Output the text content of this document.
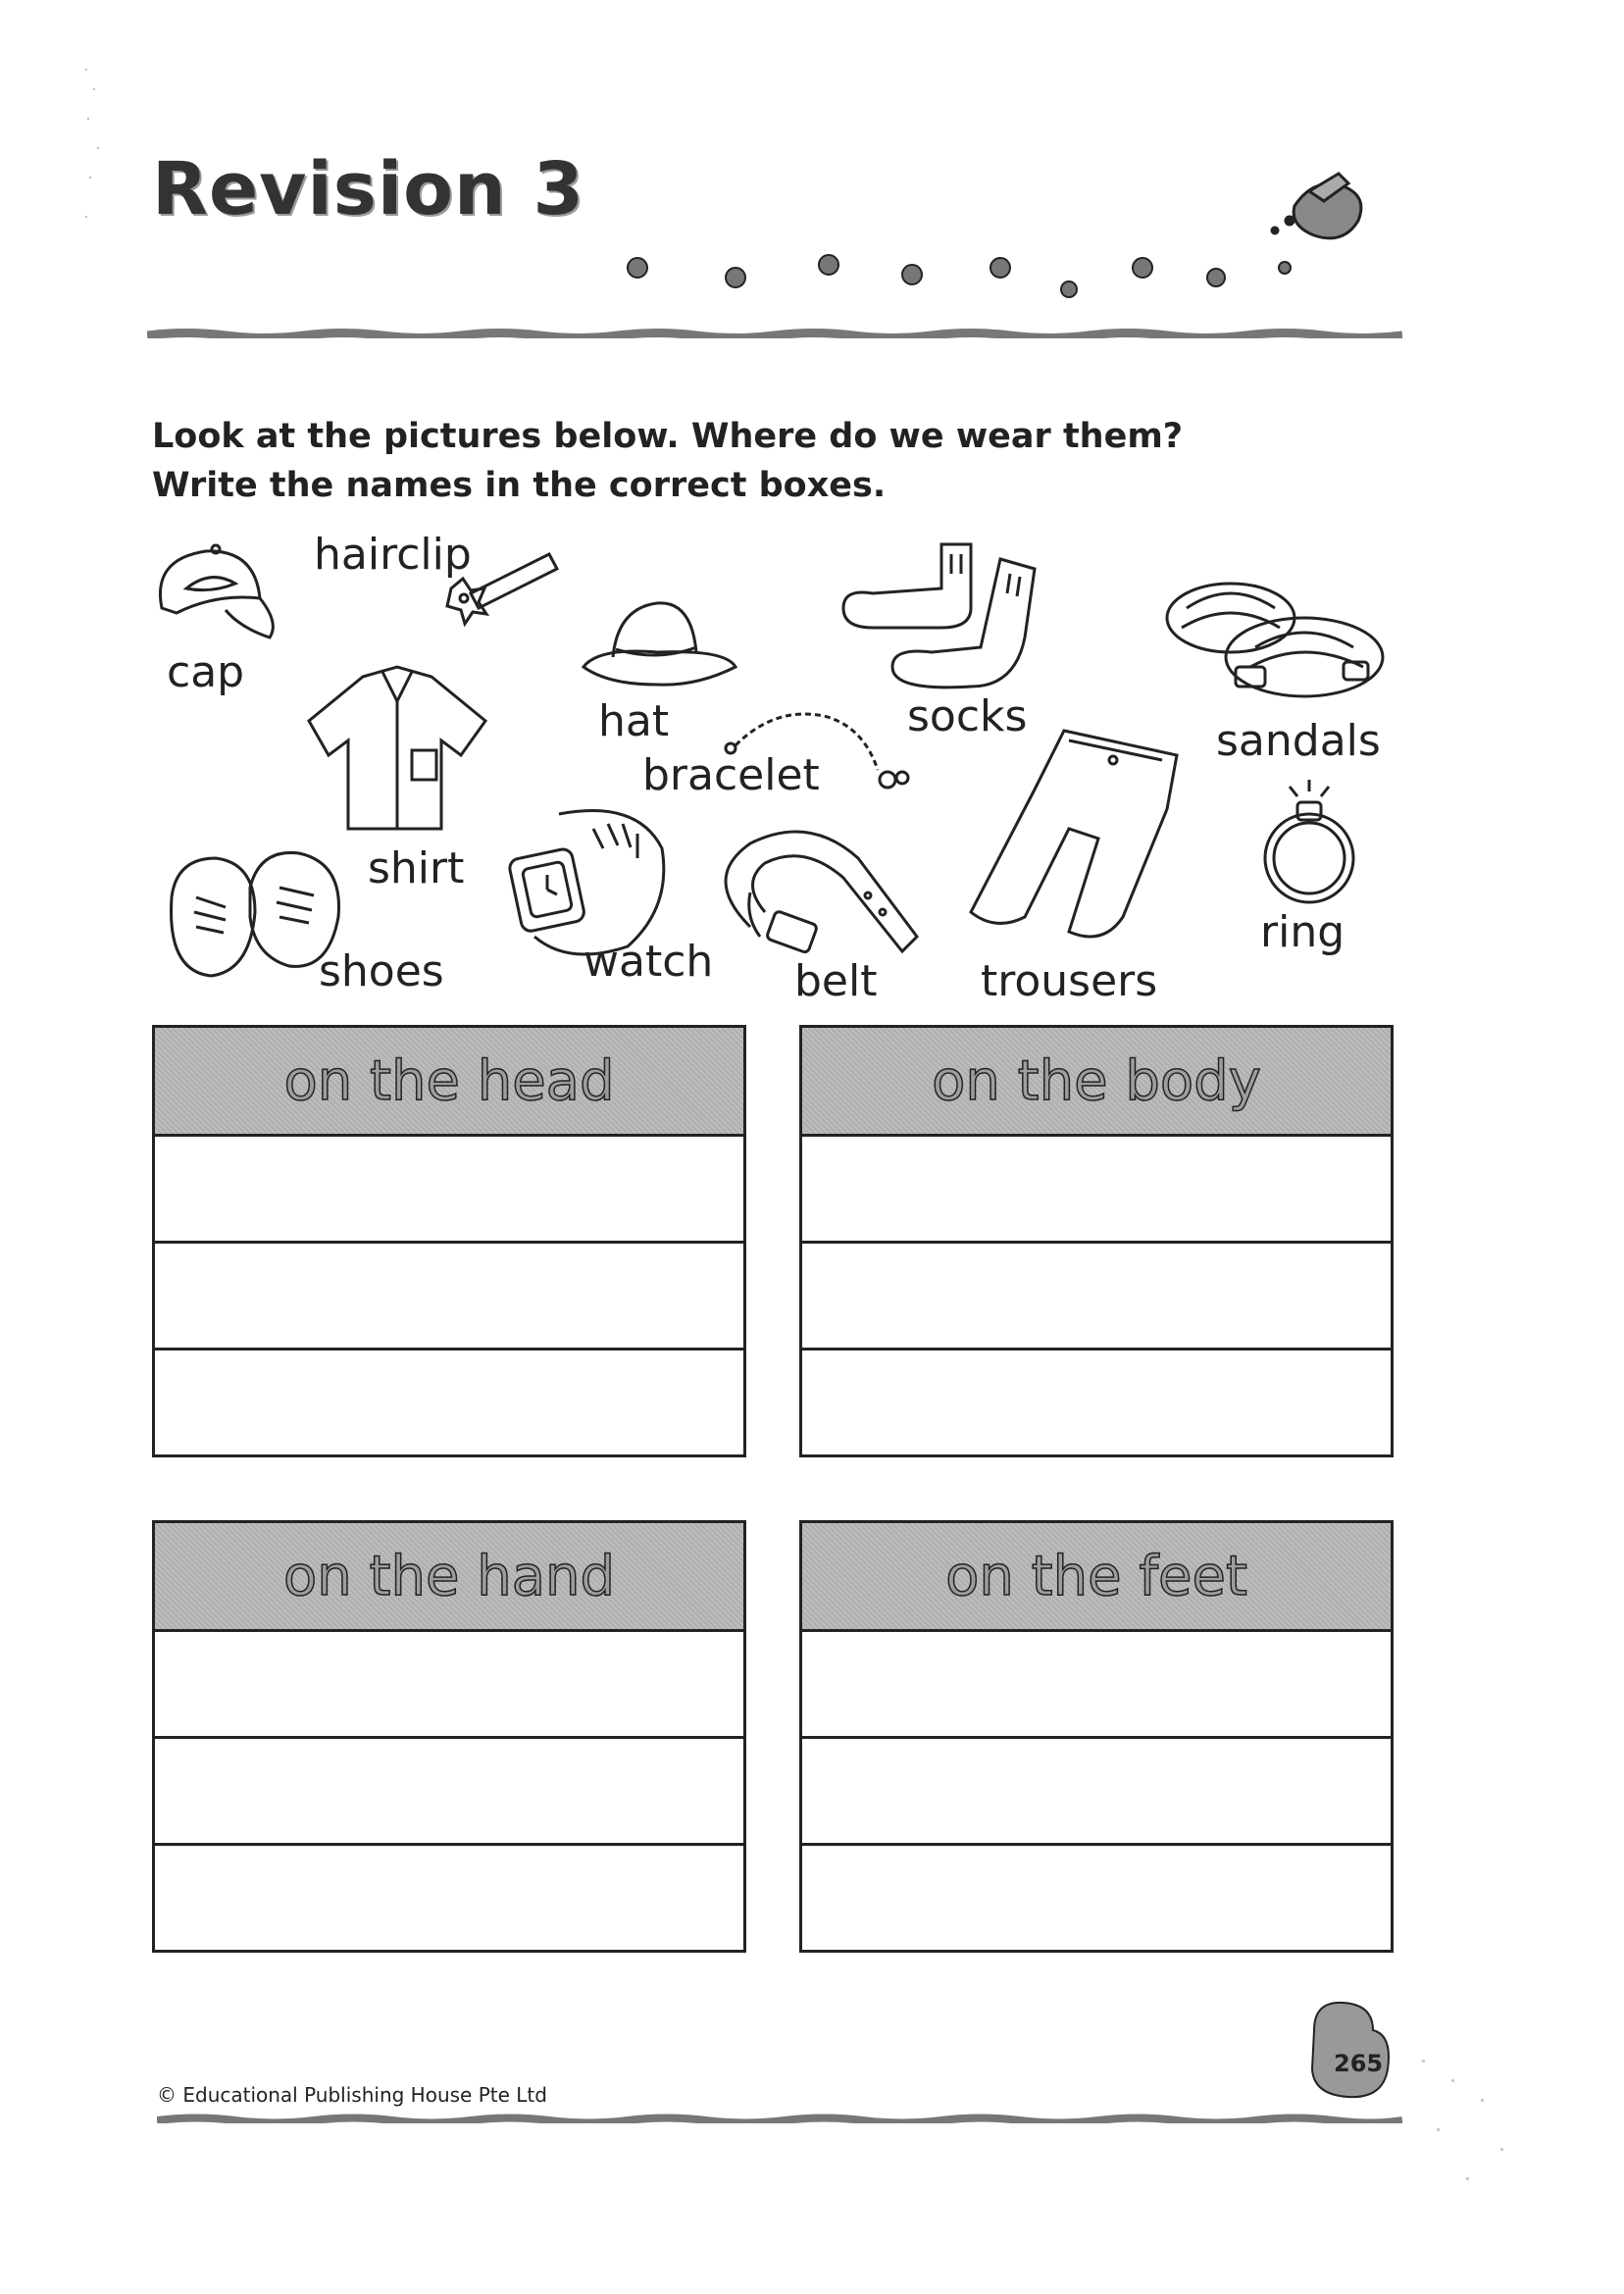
Revision 3
Look at the pictures below. Where do we wear them?
Write the names in the correct boxes.
cap
hairclip
hat	socks	sandals
shirt
bracelet
trousers
ring
shoes	watch belt
on the head	on the body
on the hand	on the feet
265
© Educational Publishing House Pte Ltd
